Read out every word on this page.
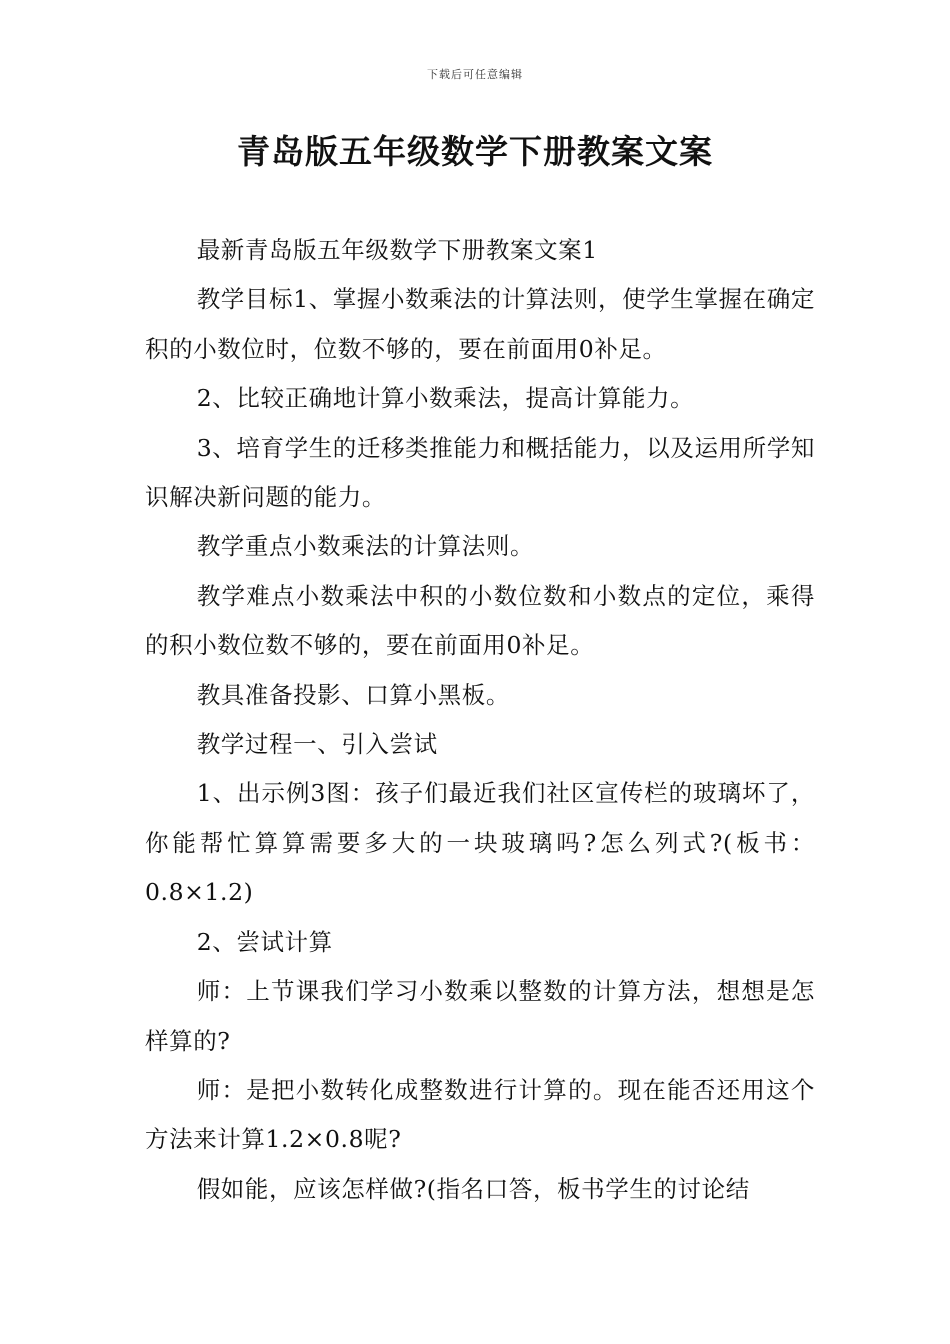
下载后可任意编辑
青岛版五年级数学下册教案文案

最新青岛版五年级数学下册教案文案1

教学目标1、掌握小数乘法的计算法则，使学生掌握在确定积的小数位时，位数不够的，要在前面用0补足。

2、比较正确地计算小数乘法，提高计算能力。

3、培育学生的迁移类推能力和概括能力，以及运用所学知识解决新问题的能力。

教学重点小数乘法的计算法则。

教学难点小数乘法中积的小数位数和小数点的定位，乘得的积小数位数不够的，要在前面用0补足。

教具准备投影、口算小黑板。

教学过程一、引入尝试

1、出示例3图：孩子们最近我们社区宣传栏的玻璃坏了，你能帮忙算算需要多大的一块玻璃吗?怎么列式?(板书：0.8×1.2)

2、尝试计算

师：上节课我们学习小数乘以整数的计算方法，想想是怎样算的?

师：是把小数转化成整数进行计算的。现在能否还用这个方法来计算1.2×0.8呢?

假如能，应该怎样做?(指名口答，板书学生的讨论结
